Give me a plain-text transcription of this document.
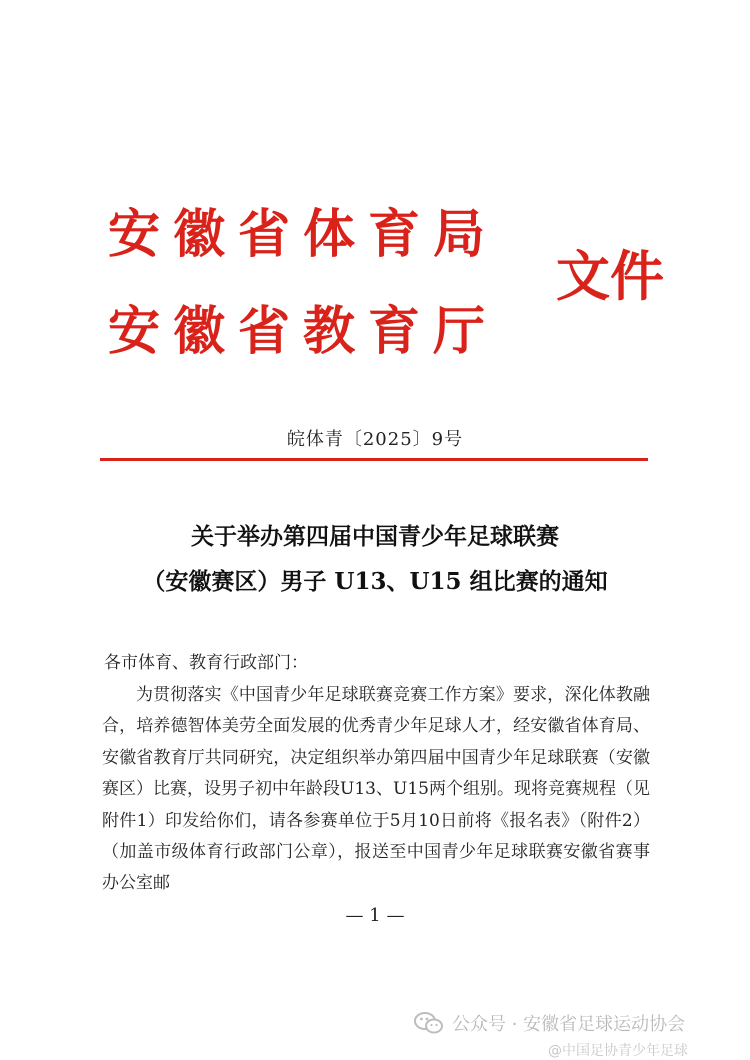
安徽省体育局
安徽省教育厅
文件
皖体青〔2025〕9号
关于举办第四届中国青少年足球联赛
（安徽赛区）男子 U13、U15 组比赛的通知
各市体育、教育行政部门：

为贯彻落实《中国青少年足球联赛竞赛工作方案》要求，深化体教融合，培养德智体美劳全面发展的优秀青少年足球人才，经安徽省体育局、安徽省教育厅共同研究，决定组织举办第四届中国青少年足球联赛（安徽赛区）比赛，设男子初中年龄段U13、U15两个组别。现将竞赛规程（见附件1）印发给你们，请各参赛单位于5月10日前将《报名表》（附件2）（加盖市级体育行政部门公章），报送至中国青少年足球联赛安徽省赛事办公室邮

— 1 —
公众号 · 安徽省足球运动协会
@中国足协青少年足球
